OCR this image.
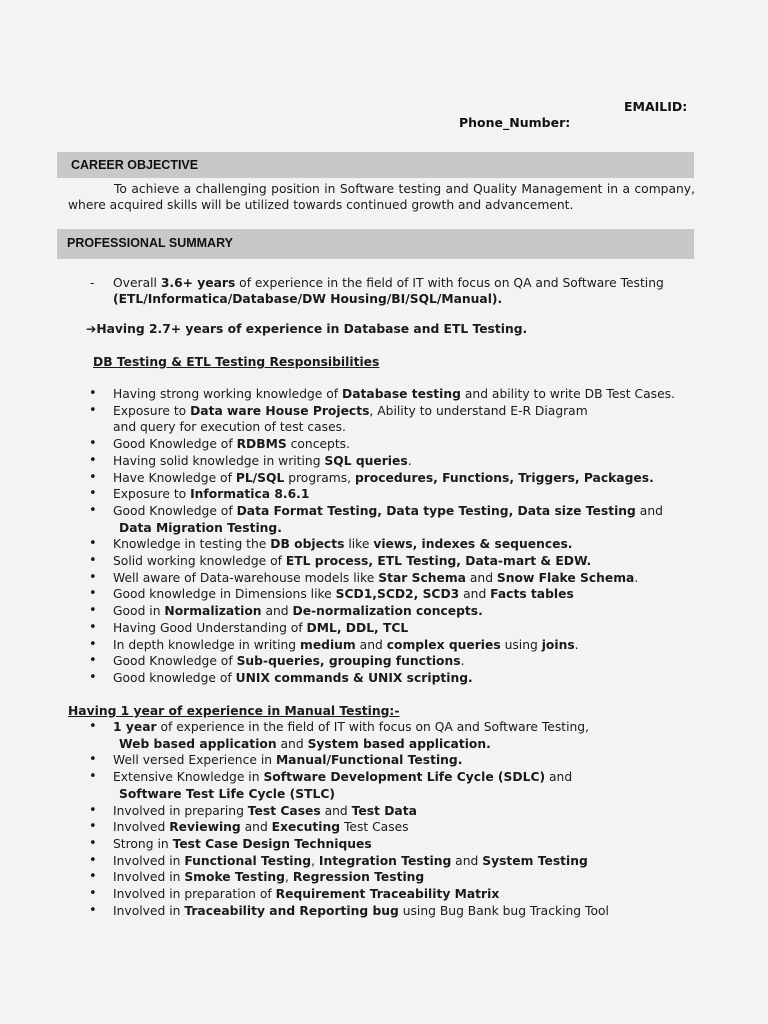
EMAILID:
Phone_Number:
CAREER OBJECTIVE
To achieve a challenging position in Software testing and Quality Management in a company, where acquired skills will be utilized towards continued growth and advancement.
PROFESSIONAL SUMMARY
- Overall 3.6+ years of experience in the field of IT with focus on QA and Software Testing
(ETL/Informatica/Database/DW Housing/BI/SQL/Manual).
➔Having 2.7+ years of experience in Database and ETL Testing.
DB Testing & ETL Testing Responsibilities
• Having strong working knowledge of Database testing and ability to write DB Test Cases.
• Exposure to Data ware House Projects, Ability to understand E-R Diagram
and query for execution of test cases.
• Good Knowledge of RDBMS concepts.
• Having solid knowledge in writing SQL queries.
• Have Knowledge of PL/SQL programs, procedures, Functions, Triggers, Packages.
• Exposure to Informatica 8.6.1
• Good Knowledge of Data Format Testing, Data type Testing, Data size Testing and
Data Migration Testing.
• Knowledge in testing the DB objects like views, indexes & sequences.
• Solid working knowledge of ETL process, ETL Testing, Data-mart & EDW.
• Well aware of Data-warehouse models like Star Schema and Snow Flake Schema.
• Good knowledge in Dimensions like SCD1,SCD2, SCD3 and Facts tables
• Good in Normalization and De-normalization concepts.
• Having Good Understanding of DML, DDL, TCL
• In depth knowledge in writing medium and complex queries using joins.
• Good Knowledge of Sub-queries, grouping functions.
• Good knowledge of UNIX commands & UNIX scripting.
Having 1 year of experience in Manual Testing:-
• 1 year of experience in the field of IT with focus on QA and Software Testing,
Web based application and System based application.
• Well versed Experience in Manual/Functional Testing.
• Extensive Knowledge in Software Development Life Cycle (SDLC) and
Software Test Life Cycle (STLC)
• Involved in preparing Test Cases and Test Data
• Involved Reviewing and Executing Test Cases
• Strong in Test Case Design Techniques
• Involved in Functional Testing, Integration Testing and System Testing
• Involved in Smoke Testing, Regression Testing
• Involved in preparation of Requirement Traceability Matrix
• Involved in Traceability and Reporting bug using Bug Bank bug Tracking Tool
